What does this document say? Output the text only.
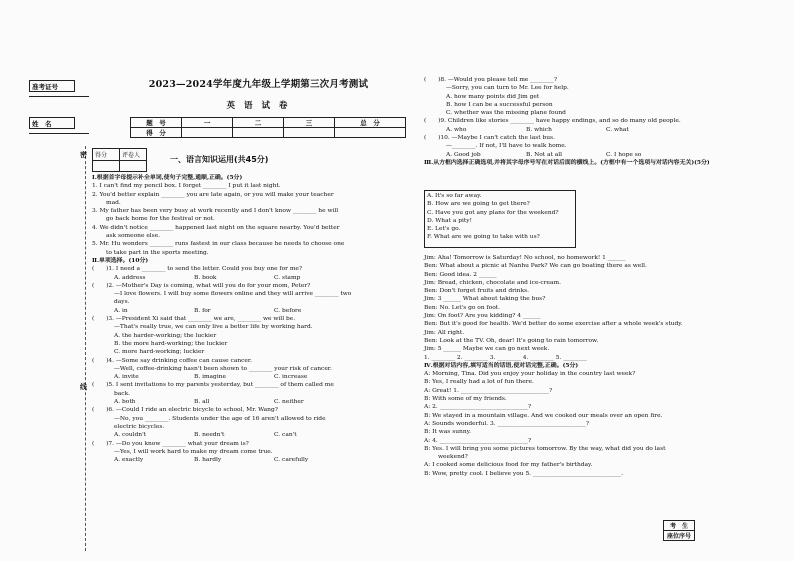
准考证号
姓　名
密
线
2023—2024学年度九年级上学期第三次月考测试
英 语 试 卷
题　号	一	二	三	总　分
得　分				
得分	评卷人
		一、语言知识运用(共45分)

Ⅰ.根据首字母提示补全单词,使句子完整,通顺,正确。(5分)

1. I can't find my pencil box. I forget ________ I put it last night.

2. You'd better explain ________ you are late again, or you will make your teacher

mad.

3. My father has been very busy at work recently and I don't know ________ he will

go back home for the festival or not.

4. We didn't notice ________ happened last night on the square nearby. You'd better

ask someone else.

5. Mr. Hu wonders ________ runs fastest in our class because he needs to choose one

to take part in the sports meeting.

Ⅱ.单项选择。(10分)

(　　)1. I need a ________ to send the letter. Could you buy one for me?

A. address	B. book	C. stamp

(　　)2. —Mother's Day is coming, what will you do for your mom, Peter?

—I love flowers. I will buy some flowers online and they will arrive ________ two

days.

A. in	B. for	C. before

(　　)3. —President Xi said that ________ we are, ________ we will be.

—That's really true, we can only live a better life by working hard.

A. the harder-working; the luckier

B. the more hard-working; the luckier

C. more hard-working; luckier

(　　)4. —Some say drinking coffee can cause cancer.

—Well, coffee-drinking hasn't been shown to ________ your risk of cancer.

A. invite	B. imagine	C. increase

(　　)5. I sent invitations to my parents yesterday, but ________ of them called me

back.

A. both	B. all	C. neither

(　　)6. —Could I ride an electric bicycle to school, Mr. Wang?

—No, you ________. Students under the age of 16 aren't allowed to ride

electric bicycles.

A. couldn't	B. needn't	C. can't

(　　)7. —Do you know ________ what your dream is?

—Yes, I will work hard to make my dream come true.

A. exactly	B. hardly	C. carefully

(　　)8. —Would you please tell me ________?

—Sorry, you can turn to Mr. Lee for help.

A. how many points did Jim get

B. how I can be a successful person

C. whether was the missing plane found

(　　)9. Children like stories ________ have happy endings, and so do many old people.

A. who	B. which	C. what

(　　)10. —Maybe I can't catch the last bus.

—________. If not, I'll have to walk home.

A. Good job	B. Not at all	C. I hope so

Ⅲ.从方框内选择正确选项,并将其字母序号写在对话后面的横线上。(方框中有一个选项与对话内容无关)(5分)

A. It's so far away.

B. How are we going to get there?

C. Have you got any plans for the weekend?

D. What a pity!

E. Let's go.

F. What are we going to take with us?

Jim: Aha! Tomorrow is Saturday! No school, no homework! 1 ______

Ben: What about a picnic at Nanhu Park? We can go boating there as well.

Ben: Good idea. 2 ______

Jim: Bread, chicken, chocolate and ice-cream.

Ben: Don't forget fruits and drinks.

Jim: 3 ______ What about taking the bus?

Ben: No. Let's go on foot.

Jim: On foot? Are you kidding? 4 ______

Ben: But it's good for health. We'd better do some exercise after a whole week's study.

Jim: All right.

Ben: Look at the TV. Oh, dear! It's going to rain tomorrow.

Jim: 5 ______ Maybe we can go next week.

1. ________ 2. ________ 3. ________ 4. ________ 5. ________

Ⅳ.根据对话内容,填写适当的话语,使对话完整,正确。(5分)

A: Morning, Tina. Did you enjoy your holiday in the country last week?

B: Yes, I really had a lot of fun there.

A: Great! 1. ______________________________?

B: With some of my friends.

A: 2. ______________________________?

B: We stayed in a mountain village. And we cooked our meals over an open fire.

A: Sounds wonderful. 3. ______________________________?

B: It was sunny.

A: 4. ______________________________?

B: Yes. I will bring you some pictures tomorrow. By the way, what did you do last

weekend?

A: I cooked some delicious food for my father's birthday.

B: Wow, pretty cool. I believe you 5. ______________________________.

考　生
座位序号
